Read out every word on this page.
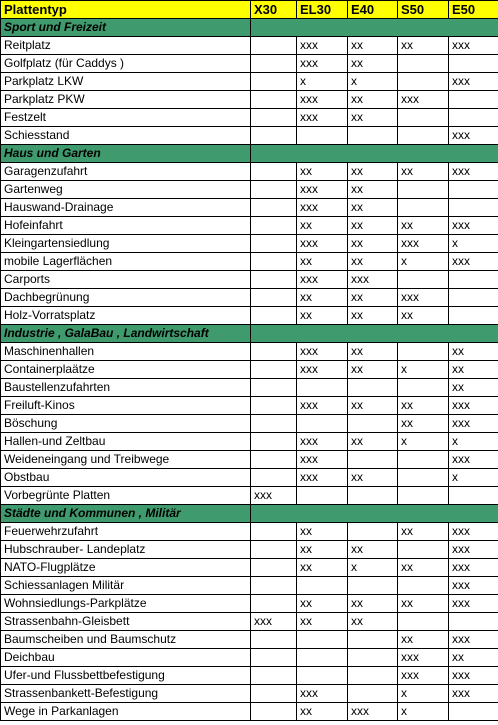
Plattentyp	X30	EL30	E40	S50	E50
Sport und Freizeit					
Reitplatz		xxx	xx	xx	xxx
Golfplatz (für Caddys )		xxx	xx		
Parkplatz LKW		x	x		xxx
Parkplatz PKW		xxx	xx	xxx	
Festzelt		xxx	xx		
Schiesstand					xxx
Haus und Garten					
Garagenzufahrt		xx	xx	xx	xxx
Gartenweg		xxx	xx		
Hauswand-Drainage		xxx	xx		
Hofeinfahrt		xx	xx	xx	xxx
Kleingartensiedlung		xxx	xx	xxx	x
mobile Lagerflächen		xx	xx	x	xxx
Carports		xxx	xxx		
Dachbegrünung		xx	xx	xxx	
Holz-Vorratsplatz		xx	xx	xx	
Industrie , GalaBau , Landwirtschaft					
Maschinenhallen		xxx	xx		xx
Containerplaätze		xxx	xx	x	xx
Baustellenzufahrten					xx
Freiluft-Kinos		xxx	xx	xx	xxx
Böschung				xx	xxx
Hallen-und Zeltbau		xxx	xx	x	x
Weideneingang und Treibwege		xxx			xxx
Obstbau		xxx	xx		x
Vorbegrünte Platten	xxx				
Städte und Kommunen , Militär					
Feuerwehrzufahrt		xx		xx	xxx
Hubschrauber- Landeplatz		xx	xx		xxx
NATO-Flugplätze		xx	x	xx	xxx
Schiessanlagen Militär					xxx
Wohnsiedlungs-Parkplätze		xx	xx	xx	xxx
Strassenbahn-Gleisbett	xxx	xx	xx		
Baumscheiben und Baumschutz				xx	xxx
Deichbau				xxx	xx
Ufer-und Flussbettbefestigung				xxx	xxx
Strassenbankett-Befestigung		xxx		x	xxx
Wege in Parkanlagen		xx	xxx	x	
